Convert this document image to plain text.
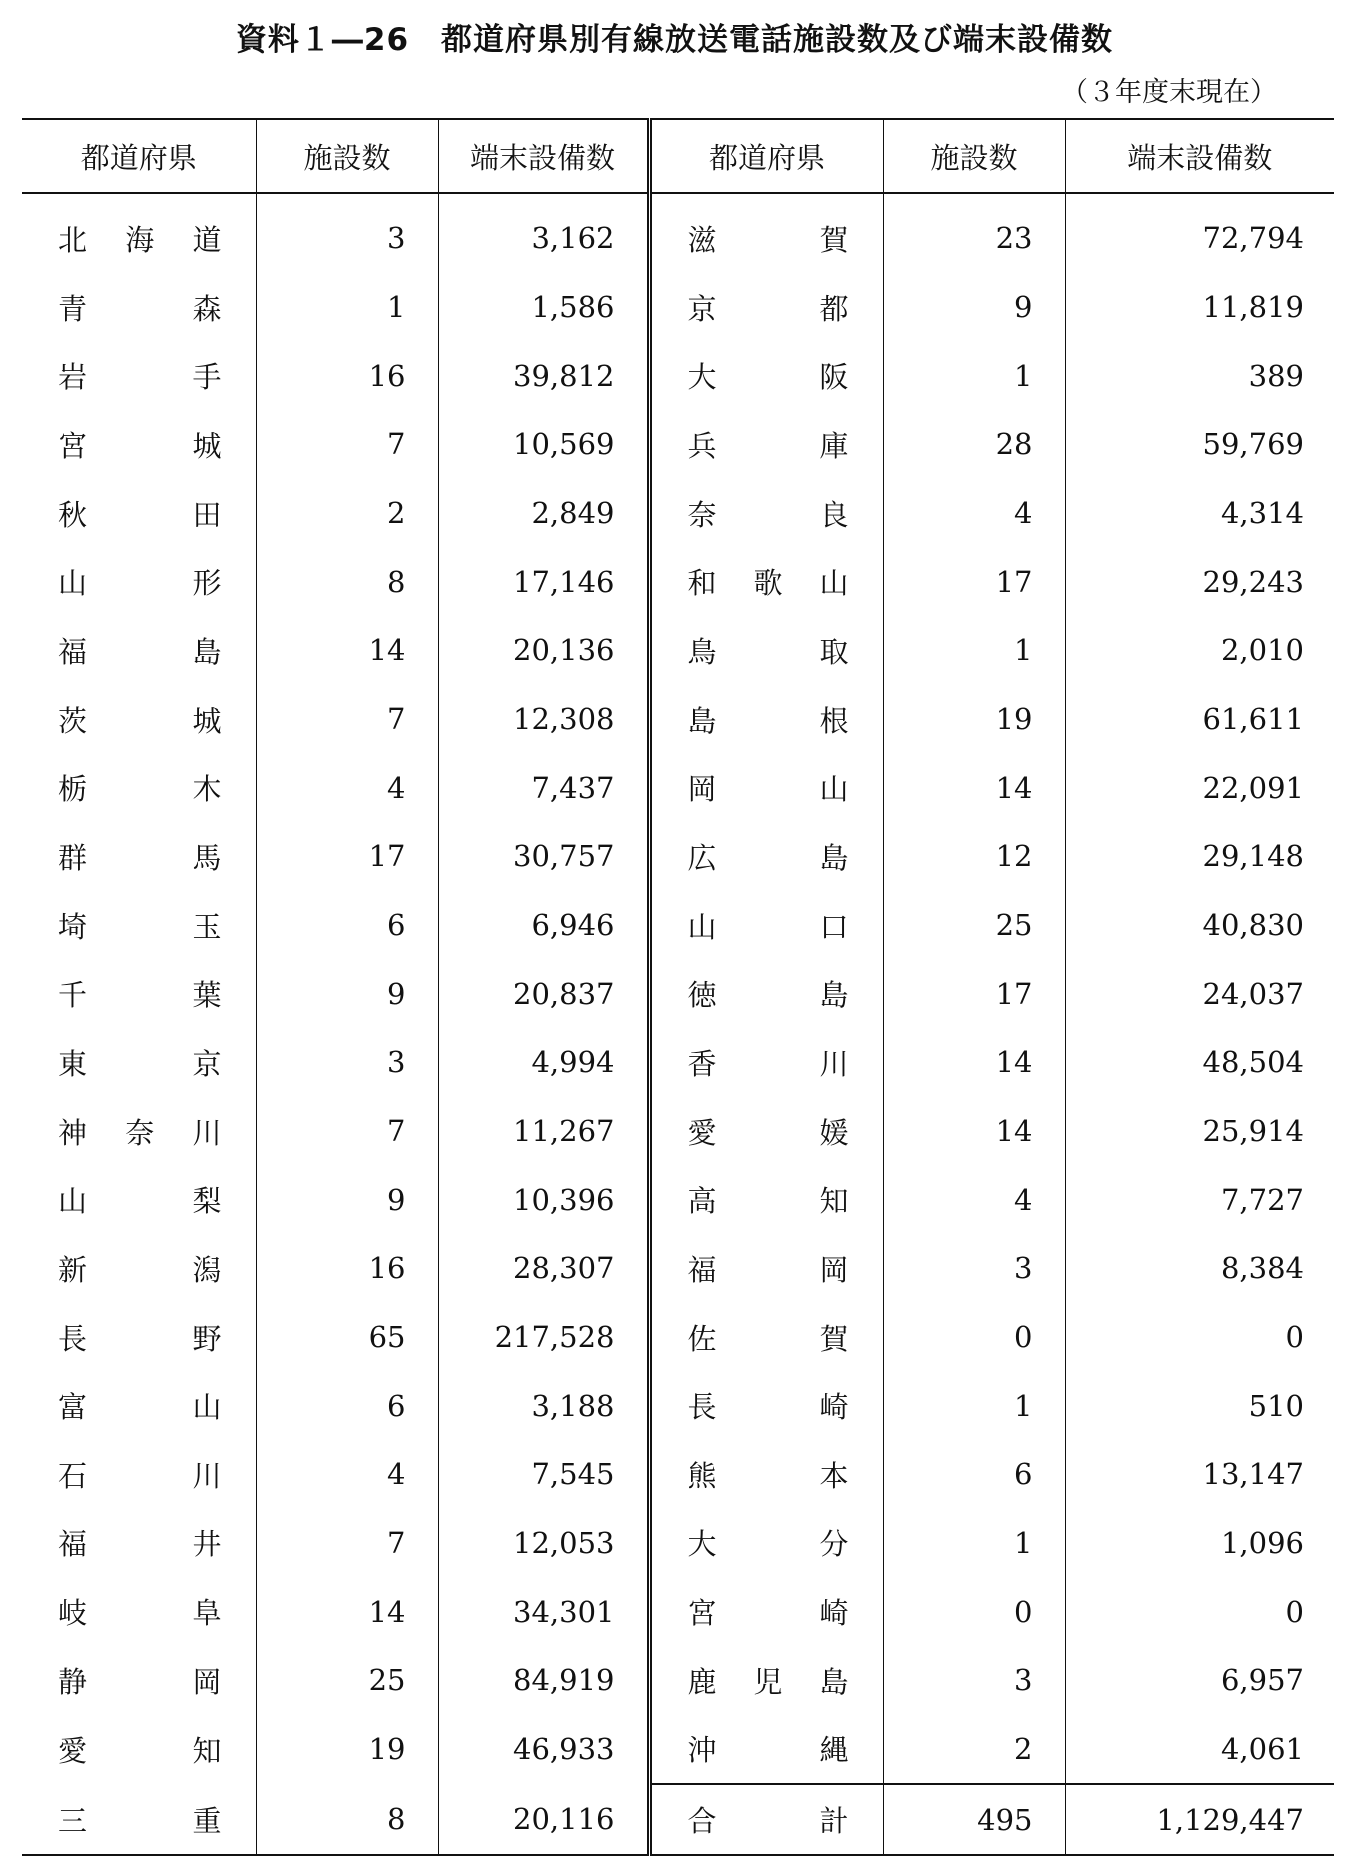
資料１―26　都道府県別有線放送電話施設数及び端末設備数
（３年度末現在）
都道府県	施設数	端末設備数	都道府県	施設数	端末設備数

北 海 道	3	3,162	滋 賀	23	72,794

青 森	1	1,586	京 都	9	11,819

岩 手	16	39,812	大 阪	1	389

宮 城	7	10,569	兵 庫	28	59,769

秋 田	2	2,849	奈 良	4	4,314

山 形	8	17,146	和 歌 山	17	29,243

福 島	14	20,136	鳥 取	1	2,010

茨 城	7	12,308	島 根	19	61,611

栃 木	4	7,437	岡 山	14	22,091

群 馬	17	30,757	広 島	12	29,148

埼 玉	6	6,946	山 口	25	40,830

千 葉	9	20,837	徳 島	17	24,037

東 京	3	4,994	香 川	14	48,504

神 奈 川	7	11,267	愛 媛	14	25,914

山 梨	9	10,396	高 知	4	7,727

新 潟	16	28,307	福 岡	3	8,384

長 野	65	217,528	佐 賀	0	0

富 山	6	3,188	長 崎	1	510

石 川	4	7,545	熊 本	6	13,147

福 井	7	12,053	大 分	1	1,096

岐 阜	14	34,301	宮 崎	0	0

静 岡	25	84,919	鹿 児 島	3	6,957

愛 知	19	46,933	沖 縄	2	4,061

三 重	8	20,116	合 計	495	1,129,447
